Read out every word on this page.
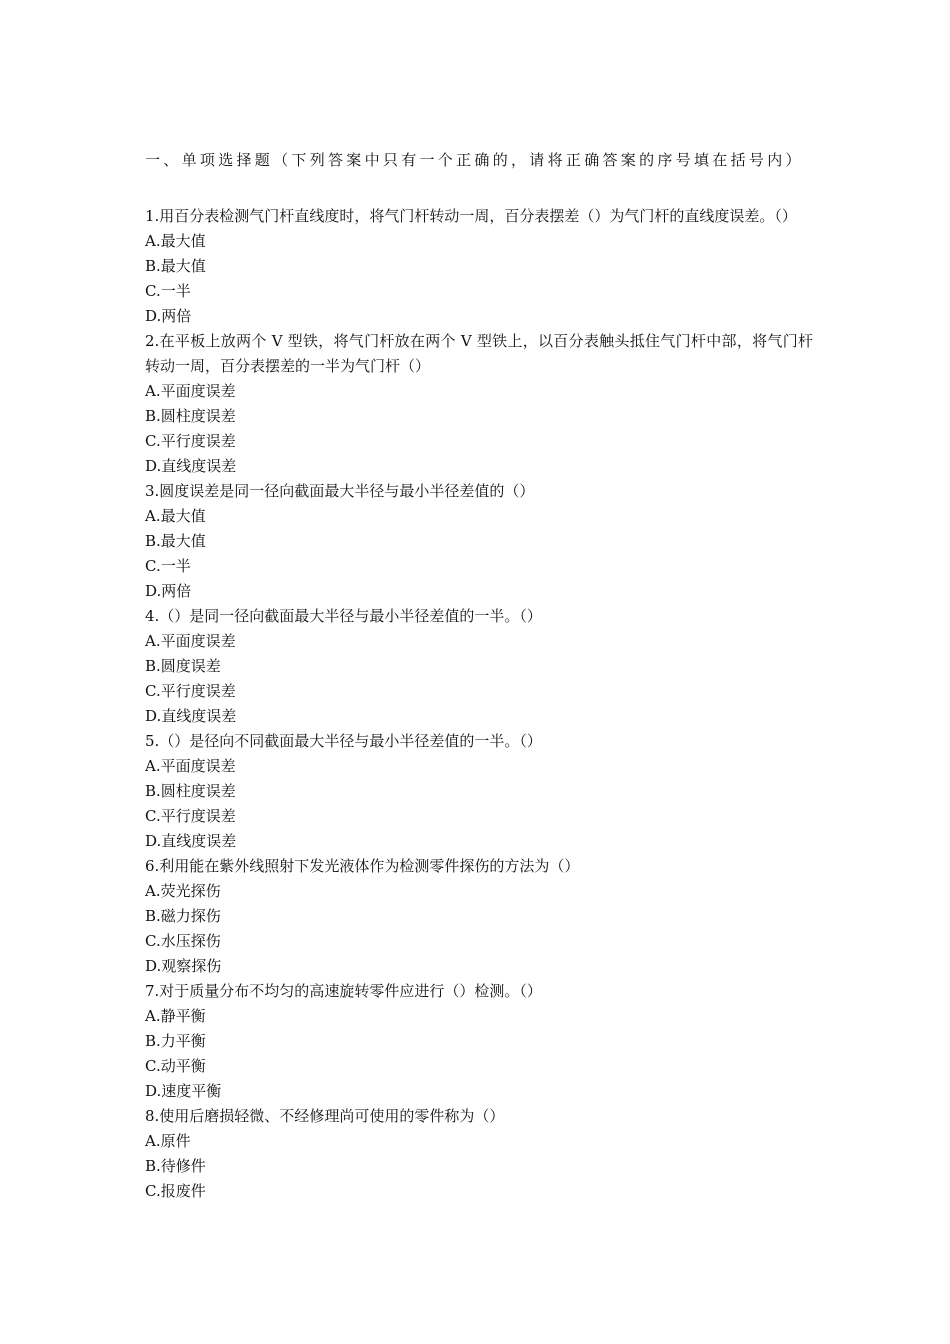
一、单项选择题（下列答案中只有一个正确的，请将正确答案的序号填在括号内）
1.用百分表检测气门杆直线度时，将气门杆转动一周，百分表摆差（）为气门杆的直线度误差。（）
A.最大值
B.最大值
C.一半
D.两倍
2.在平板上放两个 V 型铁，将气门杆放在两个 V 型铁上，以百分表触头抵住气门杆中部，将气门杆转动一周，百分表摆差的一半为气门杆（）
A.平面度误差
B.圆柱度误差
C.平行度误差
D.直线度误差
3.圆度误差是同一径向截面最大半径与最小半径差值的（）
A.最大值
B.最大值
C.一半
D.两倍
4.（）是同一径向截面最大半径与最小半径差值的一半。（）
A.平面度误差
B.圆度误差
C.平行度误差
D.直线度误差
5.（）是径向不同截面最大半径与最小半径差值的一半。（）
A.平面度误差
B.圆柱度误差
C.平行度误差
D.直线度误差
6.利用能在紫外线照射下发光液体作为检测零件探伤的方法为（）
A.荧光探伤
B.磁力探伤
C.水压探伤
D.观察探伤
7.对于质量分布不均匀的高速旋转零件应进行（）检测。（）
A.静平衡
B.力平衡
C.动平衡
D.速度平衡
8.使用后磨损轻微、不经修理尚可使用的零件称为（）
A.原件
B.待修件
C.报废件
